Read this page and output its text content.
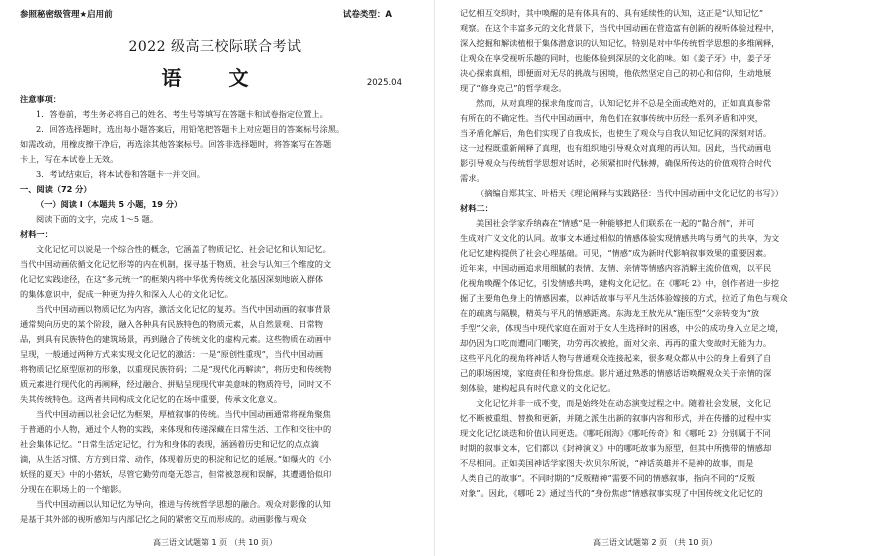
参照秘密级管理★启用前	试卷类型：A
2022 级高三校际联合考试
语 文	2025.04
注意事项：
1．答卷前，考生务必将自己的姓名、考生号等填写在答题卡和试卷指定位置上。
2．回答选择题时，选出每小题答案后，用铅笔把答题卡上对应题目的答案标号涂黑。
如需改动，用橡皮擦干净后，再选涂其他答案标号。回答非选择题时，将答案写在答题
卡上，写在本试卷上无效。
3．考试结束后，将本试卷和答题卡一并交回。
一、阅读（72 分）
（一）阅读 I（本题共 5 小题，19 分）
阅读下面的文字，完成 1～5 题。
材料一：
文化记忆可以说是一个综合性的概念，它涵盖了物质记忆、社会记忆和认知记忆。
当代中国动画依循文化记忆形等的内在机制，探寻基于物质、社会与认知三个维度的文
化记忆实践途径，在这“多元统一”的框架内将中华优秀传统文化基因深刻地嵌入群体
的集体意识中，促成一种更为持久和深入人心的文化记忆。
当代中国动画以物质记忆为内容，激活文化记忆的复苏。当代中国动画的叙事背景
通常契向历史的某个阶段，融入各种具有民族特色的物质元素，从自然景观、日常物
品，到具有民族特色的建筑场景，再到融合了传统文化的虚构元素。这些物质在动画中
呈现，一般通过两种方式来实现文化记忆的激活：一是“原创性重现”，当代中国动画
将物质记忆原型原初的形象，以重现民族符码；二是“现代化再解读”，将历史和传统物
质元素进行现代化的再阐释，经过融合、拼贴呈现现代审美意味的物质符号，同时又不
失其传统特色。这两者共同构成文化记忆的在场中重要，传承文化意义。
当代中国动画以社会记忆为框架，厚植叙事的传统。当代中国动画通常将视角聚焦
于普通的小人物，通过个人物的实践，来体现和传递深藏在日常生活、工作和交往中的
社会集体记忆。“日常生活定记忆，行为和身体的表现，涵涵着历史和记忆的点点滴
滴，从生活习惯、方方到日常、动作，体现着历史的积淀和记忆的延展。”如爆火的《小
妖怪的夏天》中的小猪妖，尽管它勤劳而毫无怨言，但常被忽视和误解，其遭遇恰似印
分现在在职场上的一个缩影。
当代中国动画以认知记忆为导向，推进与传统哲学思想的融合。观众对影像的认知
是基于其外部的视听感知与内部记忆之间的紧密交互而形成的。动画影像与观众
高三语文试题第 1 页 （共 10 页）
记忆相互交织时，其中唤醒的是有体具有的、具有延续性的认知，这正是“认知记忆”
观察。在这个丰富多元的文化背景下，当代中国动画在营造富有创新的视听体验过程中，
深入挖掘和解读植根于集体潜意识的认知记忆，特别是对中华传统哲学思想的多维阐释，
让观众在享受视听乐趣的同时，也能体验到深层的文化韵味。如《姜子牙》中，姜子牙
决心探索真相，即便面对无尽的挑战与困境，他依然坚定自己的初心和信仰，生动地展
现了“修身克己”的哲学观念。
然而，从对真理的探求角度而言，认知记忆并不总是全面或绝对的，正如真真参常
有所在的不确定性。当代中国动画中，角色们在叙事传统中历经一系列矛盾和冲突，
当矛盾化解后，角色们实现了自我成长，也使生了观众与自我认知记忆间的深刻对话。
这一过程既重新阐释了真理，也有组织地引导观众对真理的再认知。因此，当代动画电
影引导观众与传统哲学思想对话时，必须紧扣时代脉搏，确保所传达的价值观符合时代
需求。
（摘编自郑其宝、叶梧天《理论阐释与实践路径：当代中国动画中文化记忆的书写》）
材料二：
美国社会学家乔纳森在“情感”是一种能够把人们联系在一起的“黏合剂”，并可
生成对广义文化的认同。故事文本通过相似的情感体验实现情感共鸣与勇气的共享，为文
化记忆建构提供了社会心理基础。可见，“情感”成为新时代影响叙事效果的重要因素。
近年来，中国动画追求用细腻的表情、友情、亲情等情感内容消解主流价值观，以平民
化视角唤醒个体记忆，引发情感共鸣，建构文化记忆。在《哪吒 2》中，创作者进一步挖
掘了主要角色身上的情感因素，以神话故事与平凡生活体验嫁接的方式，拉近了角色与观众
在的疏离与隔膜，精英与平凡的情感距离。东海龙王敖光从“施压型”父亲转变为“放
手型”父亲，体现当中现代家庭在面对于女人生选择时的困惑，中公的成功身入立足之境，
却仍因为口吃而遭同门嘲笑，功劳再次被抢，面对父亲、再再的重大变故时无能为力。
这些平凡化的视角将神话人物与普通观众连接起来，很多观众都从中公的身上看到了自
己的职场困境，家庭责任和身份焦虑。影片通过熟悉的情感话语唤醒观众关于亲情的深
刻体验，建构起具有时代意义的文化记忆。
文化记忆并非一成不变，而是始终处在动态演变过程之中。随着社会发展，文化记
忆不断被重组、替换和更新，并随之派生出新的叙事内容和形式，并在传播的过程中实
现文化记忆谈迭和价值认同更迭。《哪吒闹海》《哪吒传奇》和《哪吒 2》分别属于不同
时期的叙事文本，它们都以《封神演义》中的哪吒故事为原型，但其中所携带的情感却
不尽相同。正如美国神话学家图夫·坎贝尔所说，“神话英雄并不是神的故事，而是
人类自己的故事”。不同时期的“反叛精神”需要不同的情感叙事，指向不同的“反叛
对象”。因此，《哪吒 2》通过当代的“身份焦虑”情感叙事实现了中国传统文化记忆的
高三语文试题第 2 页 （共 10 页）
